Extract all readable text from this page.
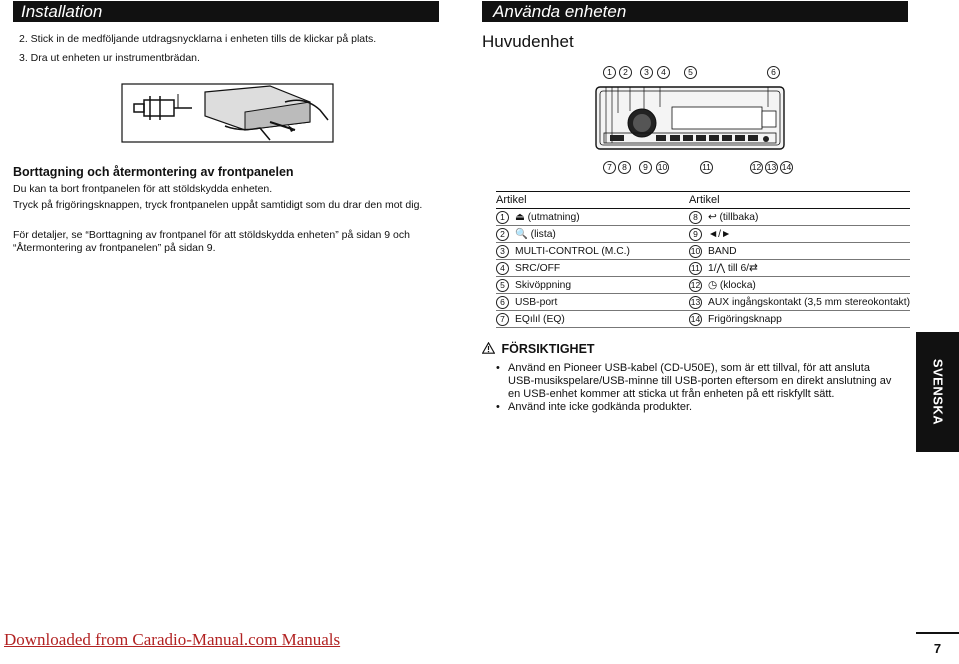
Installation
2. Stick in de medföljande utdragsnycklarna i enheten tills de klickar på plats.
3. Dra ut enheten ur instrumentbrädan.
Borttagning och återmontering av frontpanelen
Du kan ta bort frontpanelen för att stöldskydda enheten.
Tryck på frigöringsknappen, tryck frontpanelen uppåt samtidigt som du drar den mot dig.
För detaljer, se “Borttagning av frontpanel för att stöldskydda enheten” på sidan 9 och “Återmontering av frontpanelen” på sidan 9.
Använda enheten
Huvudenhet
1	2	3	4	5	6
7	8	9	10	11	12 13 14
Artikel	Artikel
1 ⏏ (utmatning)	8 ↩ (tillbaka)
2 🔍 (lista)	9 ◄/►
3 MULTI-CONTROL (M.C.)	10 BAND
4 SRC/OFF	11 1/⋀ till 6/⇄
5 Skivöppning	12 ◷ (klocka)
6 USB-port	13 AUX ingångskontakt (3,5 mm stereokontakt)
7 EQılıl (EQ)	14 Frigöringsknapp
FÖRSIKTIGHET
• Använd en Pioneer USB-kabel (CD-U50E), som är ett tillval, för att ansluta USB-musikspelare/USB-minne till USB-porten eftersom en direkt anslutning av en USB-enhet kommer att sticka ut från enheten på ett riskfyllt sätt.
• Använd inte icke godkända produkter.	SVENSKA
Downloaded from Caradio-Manual.com Manuals	7
